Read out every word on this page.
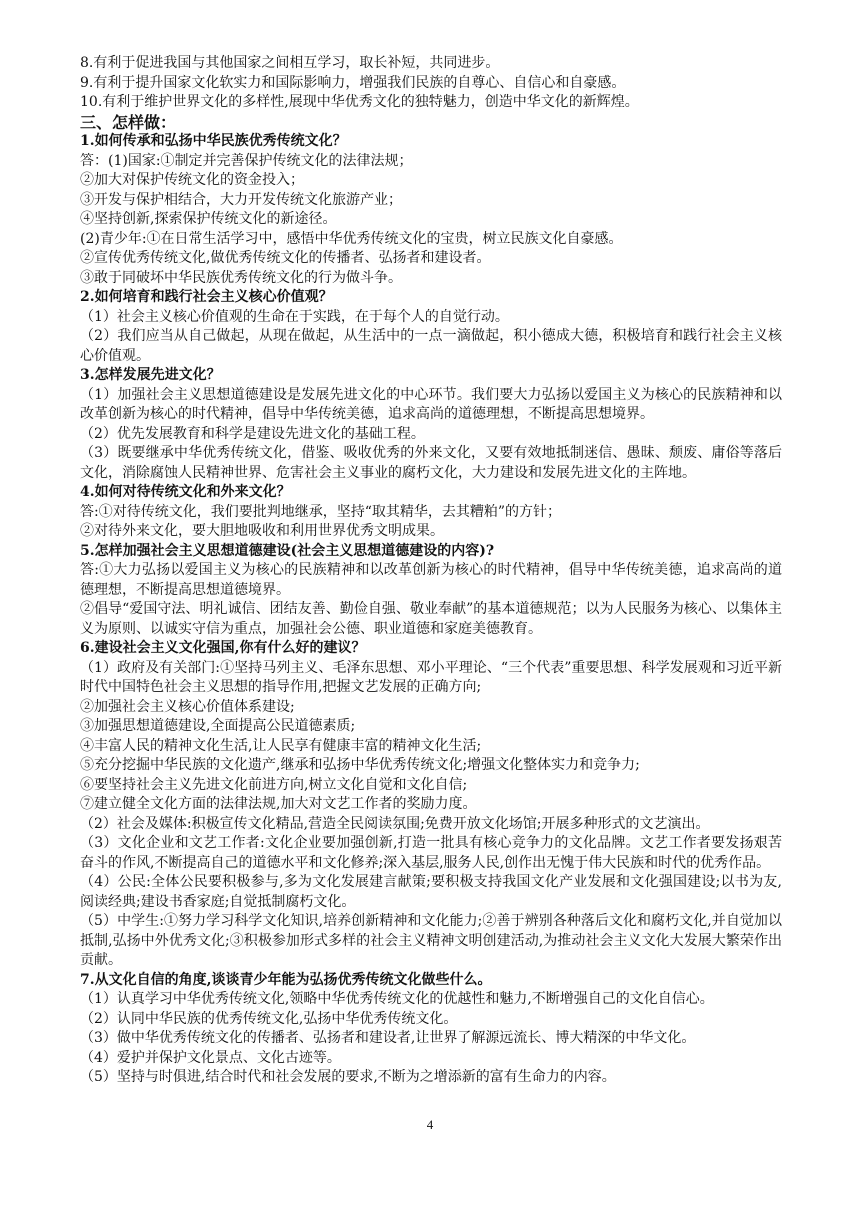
8.有利于促进我国与其他国家之间相互学习，取长补短，共同进步。

9.有利于提升国家文化软实力和国际影响力，增强我们民族的自尊心、自信心和自豪感。

10.有利于维护世界文化的多样性,展现中华优秀文化的独特魅力，创造中华文化的新辉煌。

三、怎样做：

1.如何传承和弘扬中华民族优秀传统文化？

答：(1)国家:①制定并完善保护传统文化的法律法规；

②加大对保护传统文化的资金投入；

③开发与保护相结合，大力开发传统文化旅游产业；

④坚持创新,探索保护传统文化的新途径。

(2)青少年:①在日常生活学习中，感悟中华优秀传统文化的宝贵，树立民族文化自豪感。

②宣传优秀传统文化,做优秀传统文化的传播者、弘扬者和建设者。

③敢于同破坏中华民族优秀传统文化的行为做斗争。

2.如何培育和践行社会主义核心价值观？

（1）社会主义核心价值观的生命在于实践，在于每个人的自觉行动。

（2）我们应当从自己做起，从现在做起，从生活中的一点一滴做起，积小德成大德，积极培育和践行社会主义核心价值观。

3.怎样发展先进文化？

（1）加强社会主义思想道德建设是发展先进文化的中心环节。我们要大力弘扬以爱国主义为核心的民族精神和以改革创新为核心的时代精神，倡导中华传统美德，追求高尚的道德理想，不断提高思想境界。

（2）优先发展教育和科学是建设先进文化的基础工程。

（3）既要继承中华优秀传统文化，借鉴、吸收优秀的外来文化，又要有效地抵制迷信、愚昧、颓废、庸俗等落后文化，消除腐蚀人民精神世界、危害社会主义事业的腐朽文化，大力建设和发展先进文化的主阵地。

4.如何对待传统文化和外来文化？

答:①对待传统文化，我们要批判地继承，坚持“取其精华，去其糟粕”的方针；

②对待外来文化，要大胆地吸收和利用世界优秀文明成果。

5.怎样加强社会主义思想道德建设(社会主义思想道德建设的内容)?

答:①大力弘扬以爱国主义为核心的民族精神和以改革创新为核心的时代精神，倡导中华传统美德，追求高尚的道德理想，不断提高思想道德境界。

②倡导“爱国守法、明礼诚信、团结友善、勤俭自强、敬业奉献”的基本道德规范；以为人民服务为核心、以集体主义为原则、以诚实守信为重点，加强社会公德、职业道德和家庭美德教育。

6.建设社会主义文化强国,你有什么好的建议？

（1）政府及有关部门:①坚持马列主义、毛泽东思想、邓小平理论、“三个代表”重要思想、科学发展观和习近平新时代中国特色社会主义思想的指导作用,把握文艺发展的正确方向;

②加强社会主义核心价值体系建设;

③加强思想道德建设,全面提高公民道德素质;

④丰富人民的精神文化生活,让人民享有健康丰富的精神文化生活;

⑤充分挖掘中华民族的文化遗产,继承和弘扬中华优秀传统文化;增强文化整体实力和竞争力;

⑥要坚持社会主义先进文化前进方向,树立文化自觉和文化自信;

⑦建立健全文化方面的法律法规,加大对文艺工作者的奖励力度。

（2）社会及媒体:积极宣传文化精品,营造全民阅读氛围;免费开放文化场馆;开展多种形式的文艺演出。

（3）文化企业和文艺工作者:文化企业要加强创新,打造一批具有核心竞争力的文化品牌。文艺工作者要发扬艰苦奋斗的作风,不断提高自己的道德水平和文化修养;深入基层,服务人民,创作出无愧于伟大民族和时代的优秀作品。

（4）公民:全体公民要积极参与,多为文化发展建言献策;要积极支持我国文化产业发展和文化强国建设;以书为友,阅读经典;建设书香家庭;自觉抵制腐朽文化。

（5）中学生:①努力学习科学文化知识,培养创新精神和文化能力;②善于辨别各种落后文化和腐朽文化,并自觉加以抵制,弘扬中外优秀文化;③积极参加形式多样的社会主义精神文明创建活动,为推动社会主义文化大发展大繁荣作出贡献。

7.从文化自信的角度,谈谈青少年能为弘扬优秀传统文化做些什么。

（1）认真学习中华优秀传统文化,领略中华优秀传统文化的优越性和魅力,不断增强自己的文化自信心。

（2）认同中华民族的优秀传统文化,弘扬中华优秀传统文化。

（3）做中华优秀传统文化的传播者、弘扬者和建设者,让世界了解源远流长、博大精深的中华文化。

（4）爱护并保护文化景点、文化古迹等。

（5）坚持与时俱进,结合时代和社会发展的要求,不断为之增添新的富有生命力的内容。

4
